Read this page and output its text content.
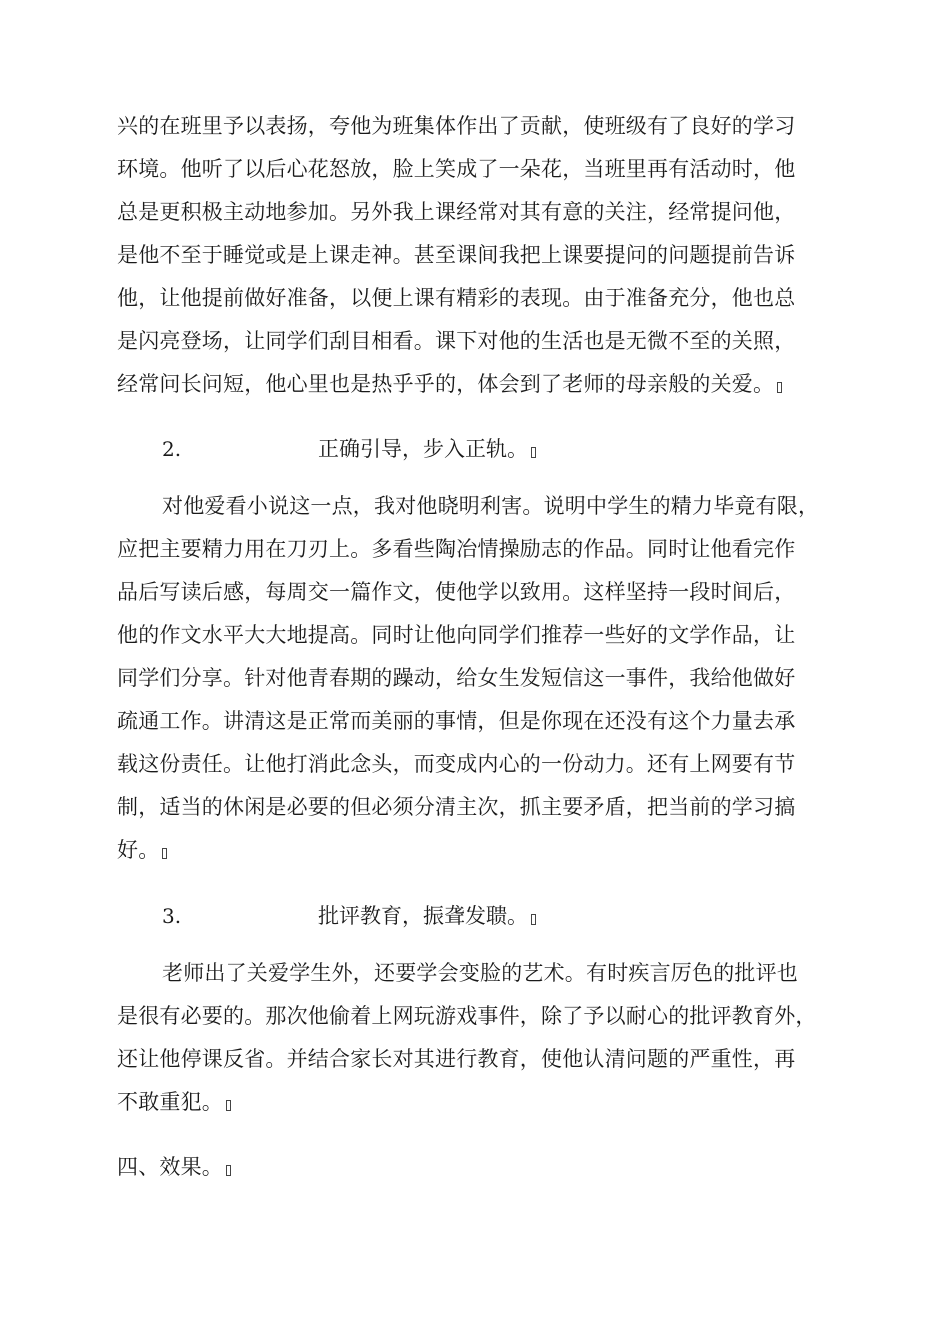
兴的在班里予以表扬，夸他为班集体作出了贡献，使班级有了良好的学习
环境。他听了以后心花怒放，脸上笑成了一朵花，当班里再有活动时，他
总是更积极主动地参加。另外我上课经常对其有意的关注，经常提问他，
是他不至于睡觉或是上课走神。甚至课间我把上课要提问的问题提前告诉
他，让他提前做好准备，以便上课有精彩的表现。由于准备充分，他也总
是闪亮登场，让同学们刮目相看。课下对他的生活也是无微不至的关照，
经常问长问短，他心里也是热乎乎的，体会到了老师的母亲般的关爱。
2.	正确引导，步入正轨。
对他爱看小说这一点，我对他晓明利害。说明中学生的精力毕竟有限，
应把主要精力用在刀刃上。多看些陶冶情操励志的作品。同时让他看完作
品后写读后感，每周交一篇作文，使他学以致用。这样坚持一段时间后，
他的作文水平大大地提高。同时让他向同学们推荐一些好的文学作品，让
同学们分享。针对他青春期的躁动，给女生发短信这一事件，我给他做好
疏通工作。讲清这是正常而美丽的事情，但是你现在还没有这个力量去承
载这份责任。让他打消此念头，而变成内心的一份动力。还有上网要有节
制，适当的休闲是必要的但必须分清主次，抓主要矛盾，把当前的学习搞
好。
3.	批评教育，振聋发聩。
老师出了关爱学生外，还要学会变脸的艺术。有时疾言厉色的批评也
是很有必要的。那次他偷着上网玩游戏事件，除了予以耐心的批评教育外，
还让他停课反省。并结合家长对其进行教育，使他认清问题的严重性，再
不敢重犯。
四、效果。
